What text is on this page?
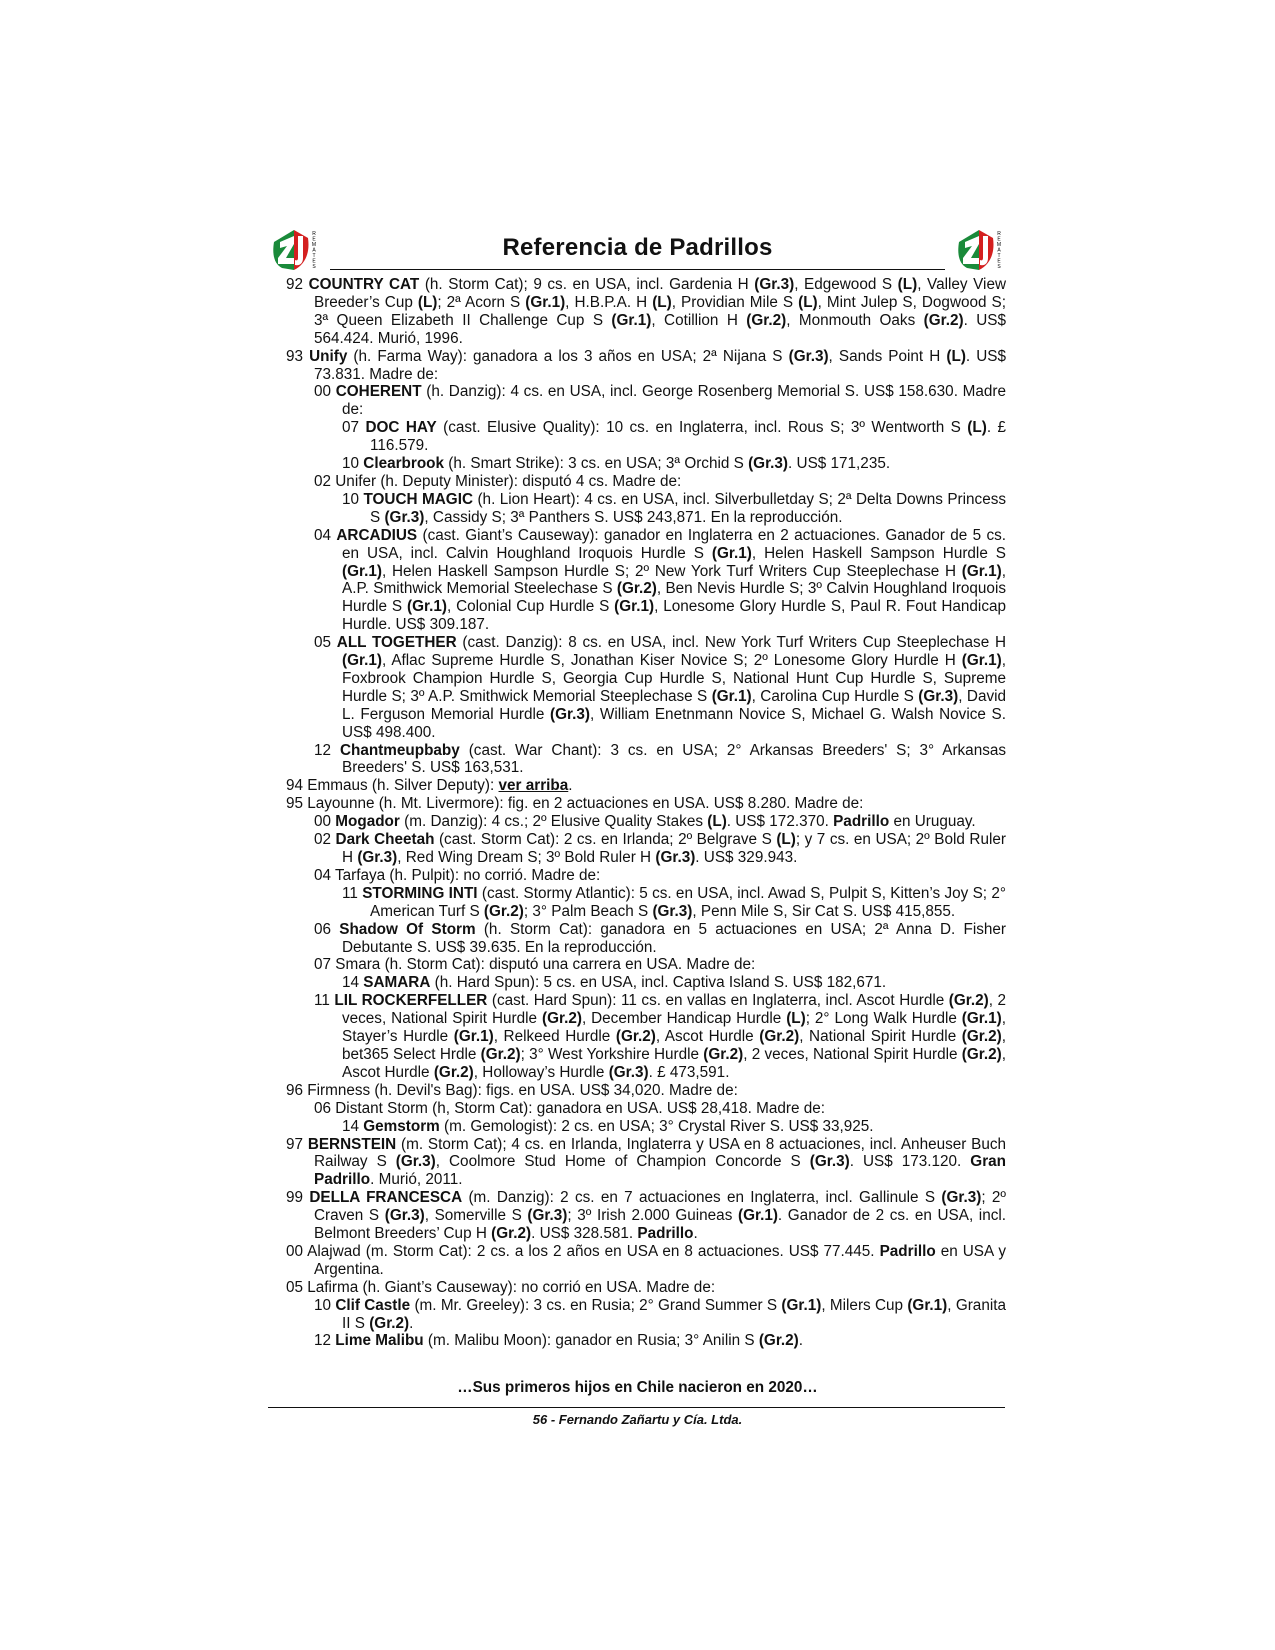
R
E
M
A
T
E
S
Referencia de Padrillos	R
E
M
A
T
E
S

92 COUNTRY CAT (h. Storm Cat); 9 cs. en USA, incl. Gardenia H (Gr.3), Edgewood S (L), Valley View Breeder’s Cup (L); 2ª Acorn S (Gr.1), H.B.P.A. H (L), Providian Mile S (L), Mint Julep S, Dogwood S; 3ª Queen Elizabeth II Challenge Cup S (Gr.1), Cotillion H (Gr.2), Monmouth Oaks (Gr.2). US$ 564.424. Murió, 1996.

93 Unify (h. Farma Way): ganadora a los 3 años en USA; 2ª Nijana S (Gr.3), Sands Point H (L). US$ 73.831. Madre de:

00 COHERENT (h. Danzig): 4 cs. en USA, incl. George Rosenberg Memorial S. US$ 158.630. Madre de:

07 DOC HAY (cast. Elusive Quality): 10 cs. en Inglaterra, incl. Rous S; 3º Wentworth S (L). £ 116.579.

10 Clearbrook (h. Smart Strike): 3 cs. en USA; 3ª Orchid S (Gr.3). US$ 171,235.

02 Unifer (h. Deputy Minister): disputó 4 cs. Madre de:

10 TOUCH MAGIC (h. Lion Heart): 4 cs. en USA, incl. Silverbulletday S; 2ª Delta Downs Princess S (Gr.3), Cassidy S; 3ª Panthers S. US$ 243,871. En la reproducción.

04 ARCADIUS (cast. Giant’s Causeway): ganador en Inglaterra en 2 actuaciones. Ganador de 5 cs. en USA, incl. Calvin Houghland Iroquois Hurdle S (Gr.1), Helen Haskell Sampson Hurdle S (Gr.1), Helen Haskell Sampson Hurdle S; 2º New York Turf Writers Cup Steeplechase H (Gr.1), A.P. Smithwick Memorial Steelechase S (Gr.2), Ben Nevis Hurdle S; 3º Calvin Houghland Iroquois Hurdle S (Gr.1), Colonial Cup Hurdle S (Gr.1), Lonesome Glory Hurdle S, Paul R. Fout Handicap Hurdle. US$ 309.187.

05 ALL TOGETHER (cast. Danzig): 8 cs. en USA, incl. New York Turf Writers Cup Steeplechase H (Gr.1), Aflac Supreme Hurdle S, Jonathan Kiser Novice S; 2º Lonesome Glory Hurdle H (Gr.1), Foxbrook Champion Hurdle S, Georgia Cup Hurdle S, National Hunt Cup Hurdle S, Supreme Hurdle S; 3º A.P. Smithwick Memorial Steeplechase S (Gr.1), Carolina Cup Hurdle S (Gr.3), David L. Ferguson Memorial Hurdle (Gr.3), William Enetnmann Novice S, Michael G. Walsh Novice S. US$ 498.400.

12 Chantmeupbaby (cast. War Chant): 3 cs. en USA; 2° Arkansas Breeders' S; 3° Arkansas Breeders' S. US$ 163,531.

94 Emmaus (h. Silver Deputy): ver arriba.

95 Layounne (h. Mt. Livermore): fig. en 2 actuaciones en USA. US$ 8.280. Madre de:

00 Mogador (m. Danzig): 4 cs.; 2º Elusive Quality Stakes (L). US$ 172.370. Padrillo en Uruguay.

02 Dark Cheetah (cast. Storm Cat): 2 cs. en Irlanda; 2º Belgrave S (L); y 7 cs. en USA; 2º Bold Ruler H (Gr.3), Red Wing Dream S; 3º Bold Ruler H (Gr.3). US$ 329.943.

04 Tarfaya (h. Pulpit): no corrió. Madre de:

11 STORMING INTI (cast. Stormy Atlantic): 5 cs. en USA, incl. Awad S, Pulpit S, Kitten’s Joy S; 2° American Turf S (Gr.2); 3° Palm Beach S (Gr.3), Penn Mile S, Sir Cat S. US$ 415,855.

06 Shadow Of Storm (h. Storm Cat): ganadora en 5 actuaciones en USA; 2ª Anna D. Fisher Debutante S. US$ 39.635. En la reproducción.

07 Smara (h. Storm Cat): disputó una carrera en USA. Madre de:

14 SAMARA (h. Hard Spun): 5 cs. en USA, incl. Captiva Island S. US$ 182,671.

11 LIL ROCKERFELLER (cast. Hard Spun): 11 cs. en vallas en Inglaterra, incl. Ascot Hurdle (Gr.2), 2 veces, National Spirit Hurdle (Gr.2), December Handicap Hurdle (L); 2° Long Walk Hurdle (Gr.1), Stayer’s Hurdle (Gr.1), Relkeed Hurdle (Gr.2), Ascot Hurdle (Gr.2), National Spirit Hurdle (Gr.2), bet365 Select Hrdle (Gr.2); 3° West Yorkshire Hurdle (Gr.2), 2 veces, National Spirit Hurdle (Gr.2), Ascot Hurdle (Gr.2), Holloway’s Hurdle (Gr.3). £ 473,591.

96 Firmness (h. Devil's Bag): figs. en USA. US$ 34,020. Madre de:

06 Distant Storm (h, Storm Cat): ganadora en USA. US$ 28,418. Madre de:

14 Gemstorm (m. Gemologist): 2 cs. en USA; 3° Crystal River S. US$ 33,925.

97 BERNSTEIN (m. Storm Cat); 4 cs. en Irlanda, Inglaterra y USA en 8 actuaciones, incl. Anheuser Buch Railway S (Gr.3), Coolmore Stud Home of Champion Concorde S (Gr.3). US$ 173.120. Gran Padrillo. Murió, 2011.

99 DELLA FRANCESCA (m. Danzig): 2 cs. en 7 actuaciones en Inglaterra, incl. Gallinule S (Gr.3); 2º Craven S (Gr.3), Somerville S (Gr.3); 3º Irish 2.000 Guineas (Gr.1). Ganador de 2 cs. en USA, incl. Belmont Breeders’ Cup H (Gr.2). US$ 328.581. Padrillo.

00 Alajwad (m. Storm Cat): 2 cs. a los 2 años en USA en 8 actuaciones. US$ 77.445. Padrillo en USA y Argentina.

05 Lafirma (h. Giant’s Causeway): no corrió en USA. Madre de:

10 Clif Castle (m. Mr. Greeley): 3 cs. en Rusia; 2° Grand Summer S (Gr.1), Milers Cup (Gr.1), Granita II S (Gr.2).

12 Lime Malibu (m. Malibu Moon): ganador en Rusia; 3° Anilin S (Gr.2).

…Sus primeros hijos en Chile nacieron en 2020…
56 - Fernando Zañartu y Cía. Ltda.
